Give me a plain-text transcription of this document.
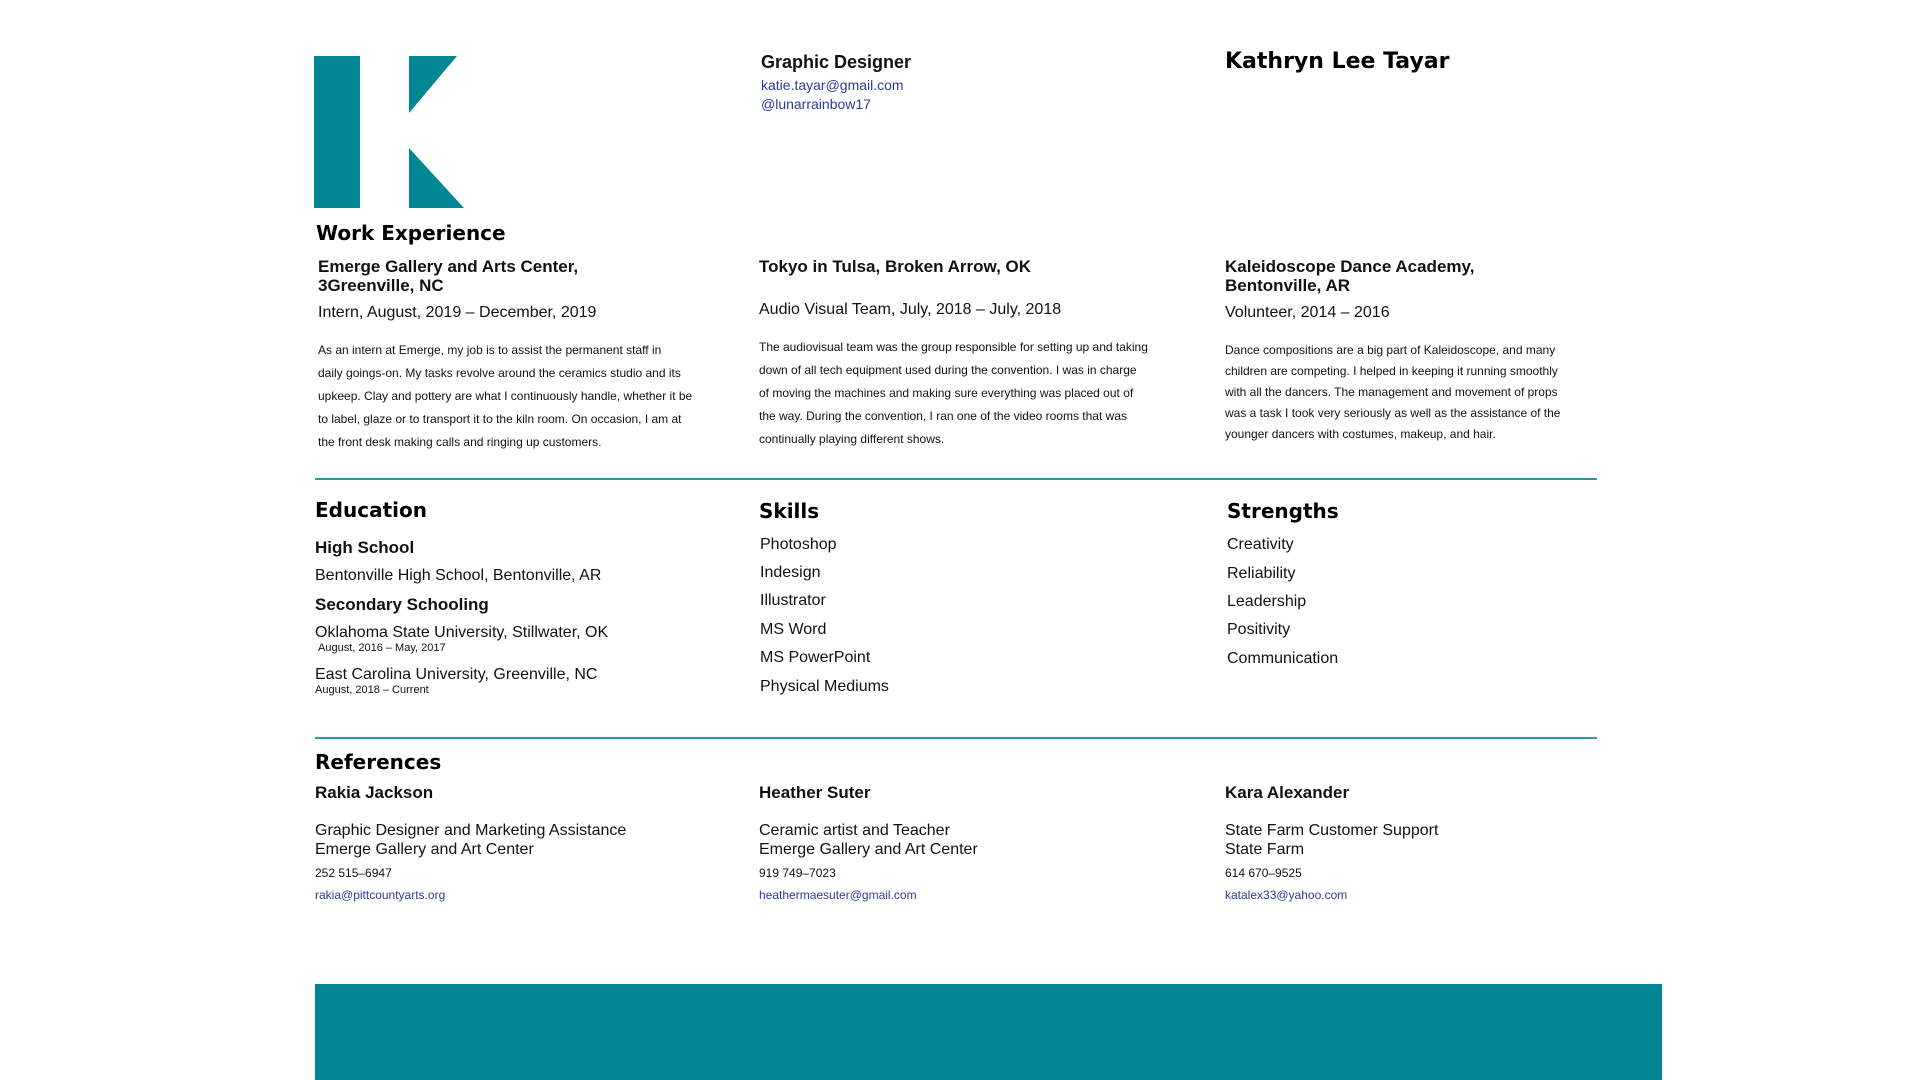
Graphic Designer
katie.tayar@gmail.com
@lunarrainbow17
Kathryn Lee Tayar
Work Experience
Emerge Gallery and Arts Center,
3Greenville, NC
Intern, August, 2019 – December, 2019
As an intern at Emerge, my job is to assist the permanent staff in
daily goings-on. My tasks revolve around the ceramics studio and its
upkeep. Clay and pottery are what I continuously handle, whether it be
to label, glaze or to transport it to the kiln room. On occasion, I am at
the front desk making calls and ringing up customers.
Tokyo in Tulsa, Broken Arrow, OK
Audio Visual Team, July, 2018 – July, 2018
The audiovisual team was the group responsible for setting up and taking
down of all tech equipment used during the convention. I was in charge
of moving the machines and making sure everything was placed out of
the way. During the convention, I ran one of the video rooms that was
continually playing different shows.
Kaleidoscope Dance Academy,
Bentonville, AR
Volunteer, 2014 – 2016
Dance compositions are a big part of Kaleidoscope, and many
children are competing. I helped in keeping it running smoothly
with all the dancers. The management and movement of props
was a task I took very seriously as well as the assistance of the
younger dancers with costumes, makeup, and hair.
Education
High School
Bentonville High School, Bentonville, AR
Secondary Schooling
Oklahoma State University, Stillwater, OK
August, 2016 – May, 2017
East Carolina University, Greenville, NC
August, 2018 – Current
Skills
Photoshop
Indesign
Illustrator
MS Word
MS PowerPoint
Physical Mediums
Strengths
Creativity
Reliability
Leadership
Positivity
Communication
References
Rakia Jackson
Graphic Designer and Marketing Assistance
Emerge Gallery and Art Center
252 515–6947
rakia@pittcountyarts.org
Heather Suter
Ceramic artist and Teacher
Emerge Gallery and Art Center
919 749–7023
heathermaesuter@gmail.com
Kara Alexander
State Farm Customer Support
State Farm
614 670–9525
katalex33@yahoo.com
